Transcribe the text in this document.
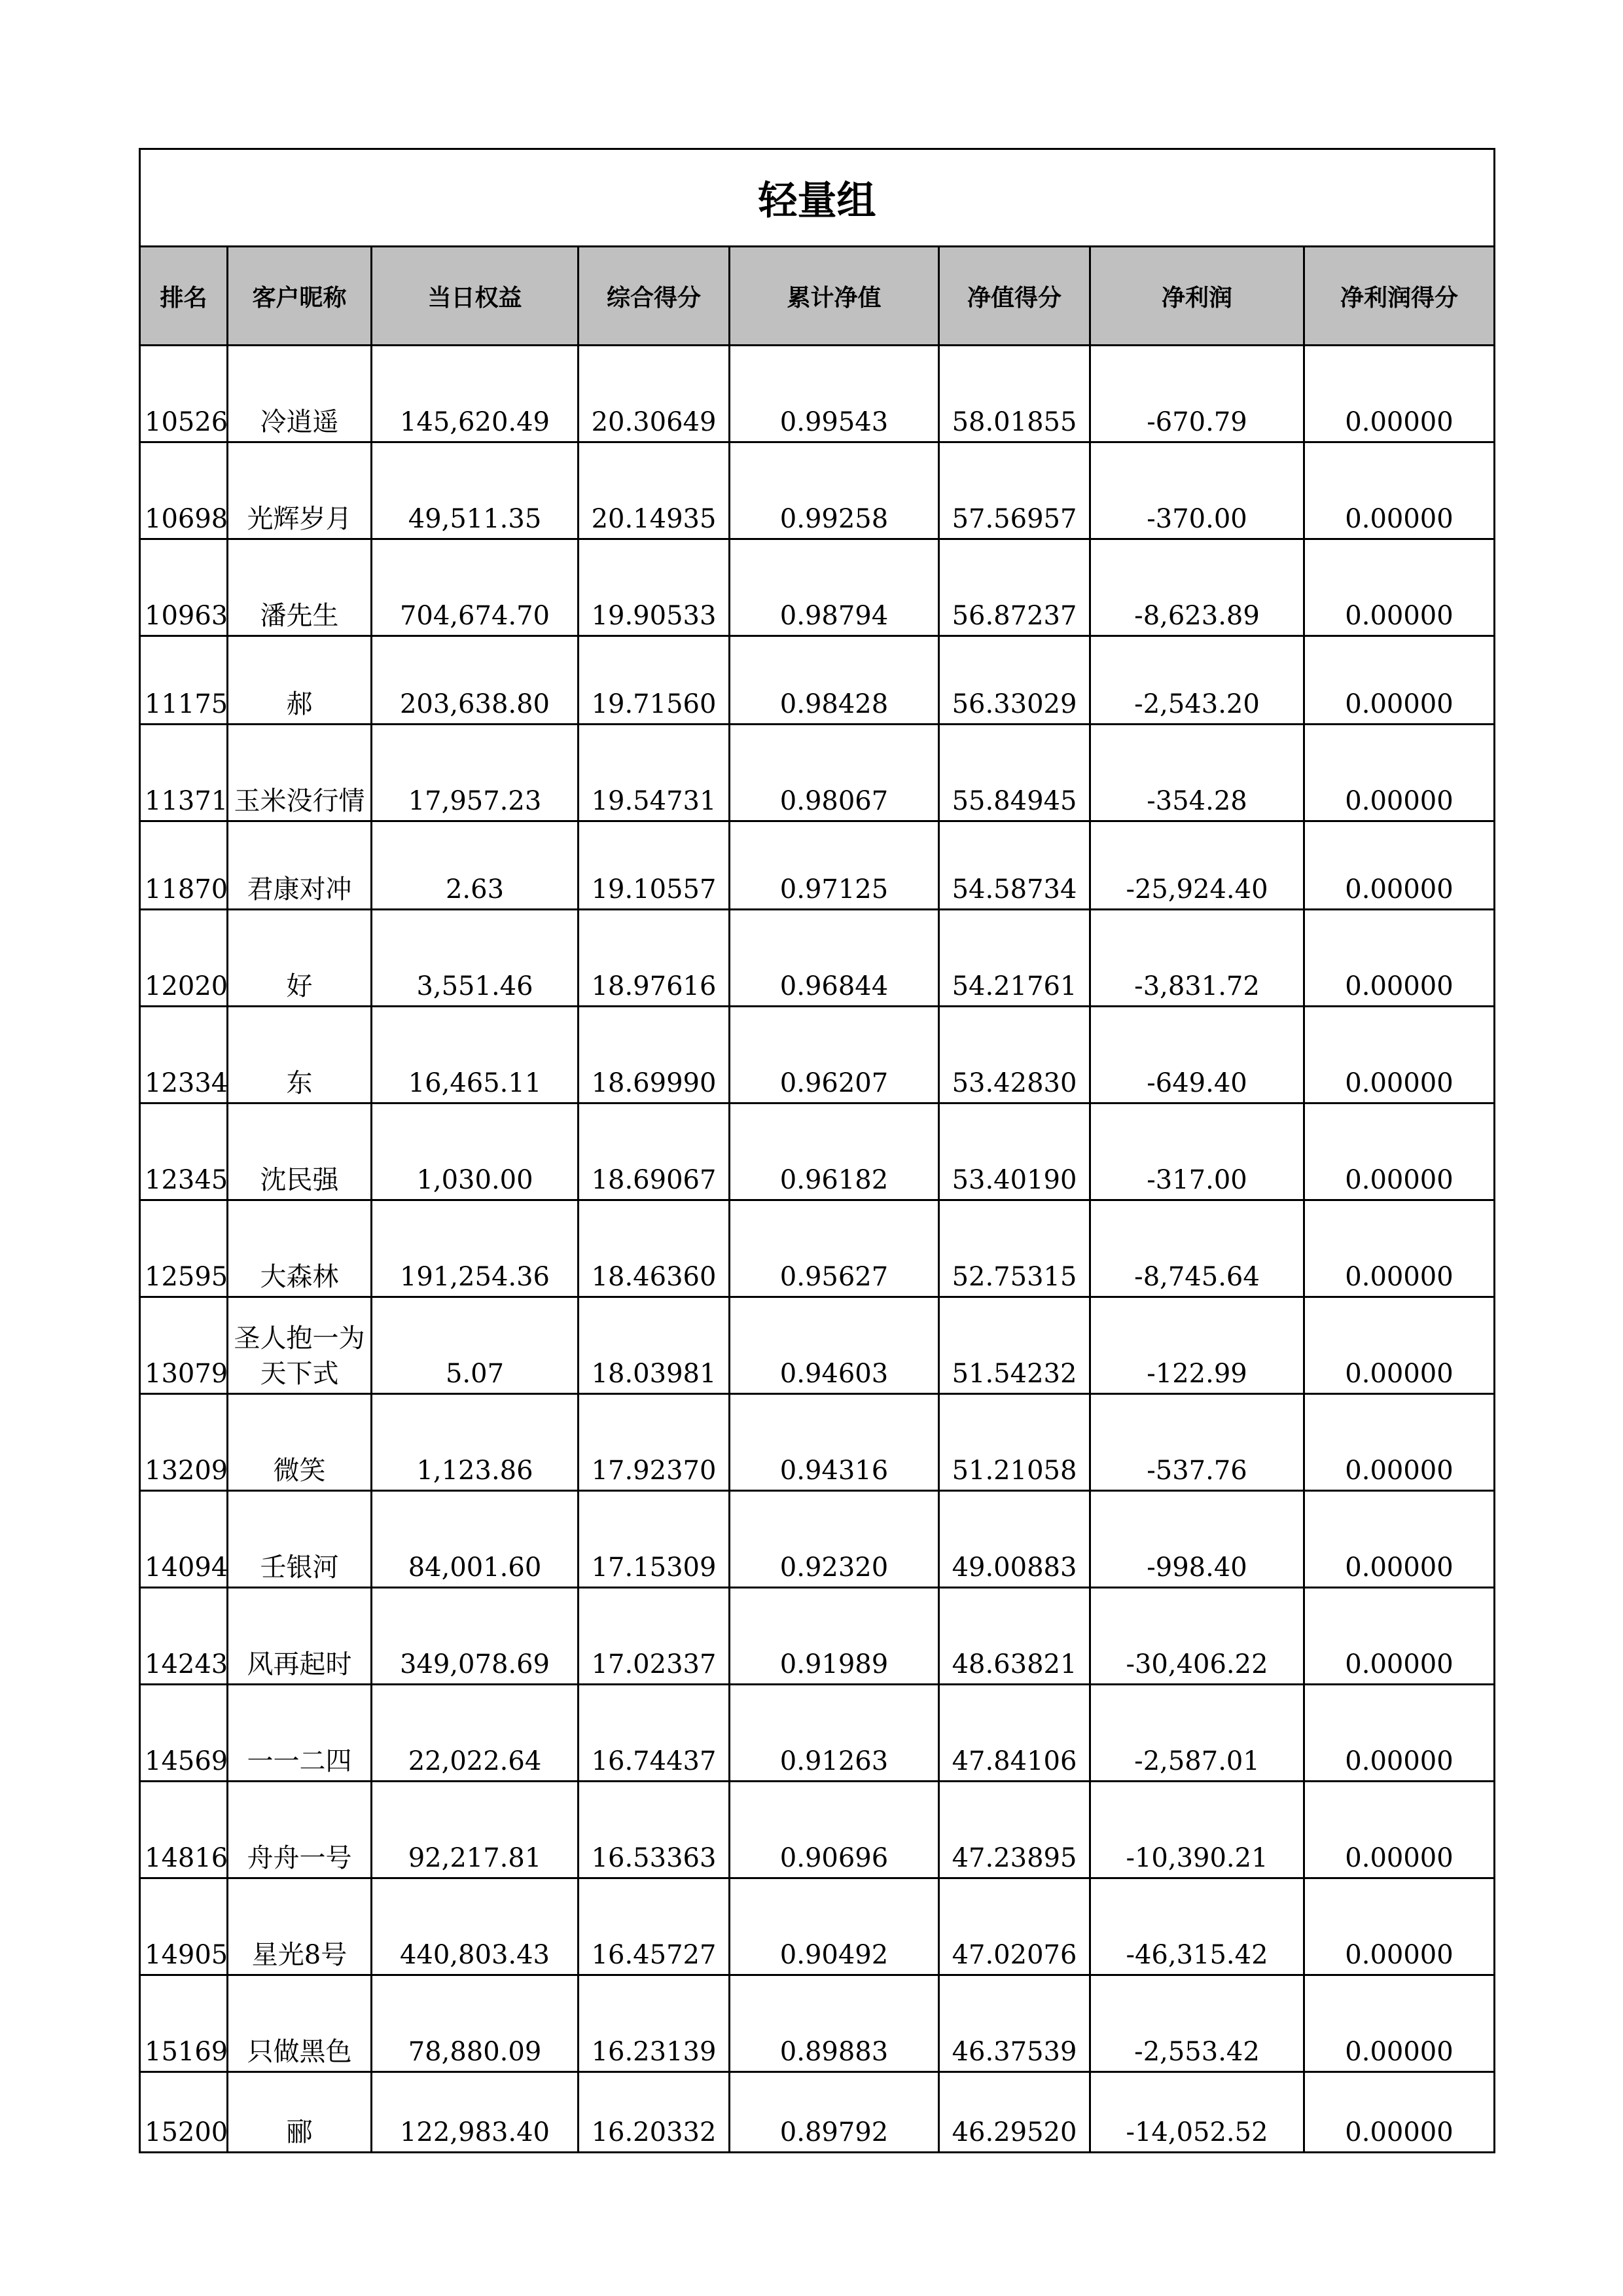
轻量组							
排名	客户昵称	当日权益	综合得分	累计净值	净值得分	净利润	净利润得分
10526	冷逍遥	145,620.49	20.30649	0.99543	58.01855	-670.79	0.00000
10698	光辉岁月	49,511.35	20.14935	0.99258	57.56957	-370.00	0.00000
10963	潘先生	704,674.70	19.90533	0.98794	56.87237	-8,623.89	0.00000
11175	郝	203,638.80	19.71560	0.98428	56.33029	-2,543.20	0.00000
11371	玉米没行情	17,957.23	19.54731	0.98067	55.84945	-354.28	0.00000
11870	君康对冲	2.63	19.10557	0.97125	54.58734	-25,924.40	0.00000
12020	好	3,551.46	18.97616	0.96844	54.21761	-3,831.72	0.00000
12334	东	16,465.11	18.69990	0.96207	53.42830	-649.40	0.00000
12345	沈民强	1,030.00	18.69067	0.96182	53.40190	-317.00	0.00000
12595	大森林	191,254.36	18.46360	0.95627	52.75315	-8,745.64	0.00000
13079	圣人抱一为天下式	5.07	18.03981	0.94603	51.54232	-122.99	0.00000
13209	微笑	1,123.86	17.92370	0.94316	51.21058	-537.76	0.00000
14094	壬银河	84,001.60	17.15309	0.92320	49.00883	-998.40	0.00000
14243	风再起时	349,078.69	17.02337	0.91989	48.63821	-30,406.22	0.00000
14569	一一二四	22,022.64	16.74437	0.91263	47.84106	-2,587.01	0.00000
14816	舟舟一号	92,217.81	16.53363	0.90696	47.23895	-10,390.21	0.00000
14905	星光8号	440,803.43	16.45727	0.90492	47.02076	-46,315.42	0.00000
15169	只做黑色	78,880.09	16.23139	0.89883	46.37539	-2,553.42	0.00000
15200	郦	122,983.40	16.20332	0.89792	46.29520	-14,052.52	0.00000
